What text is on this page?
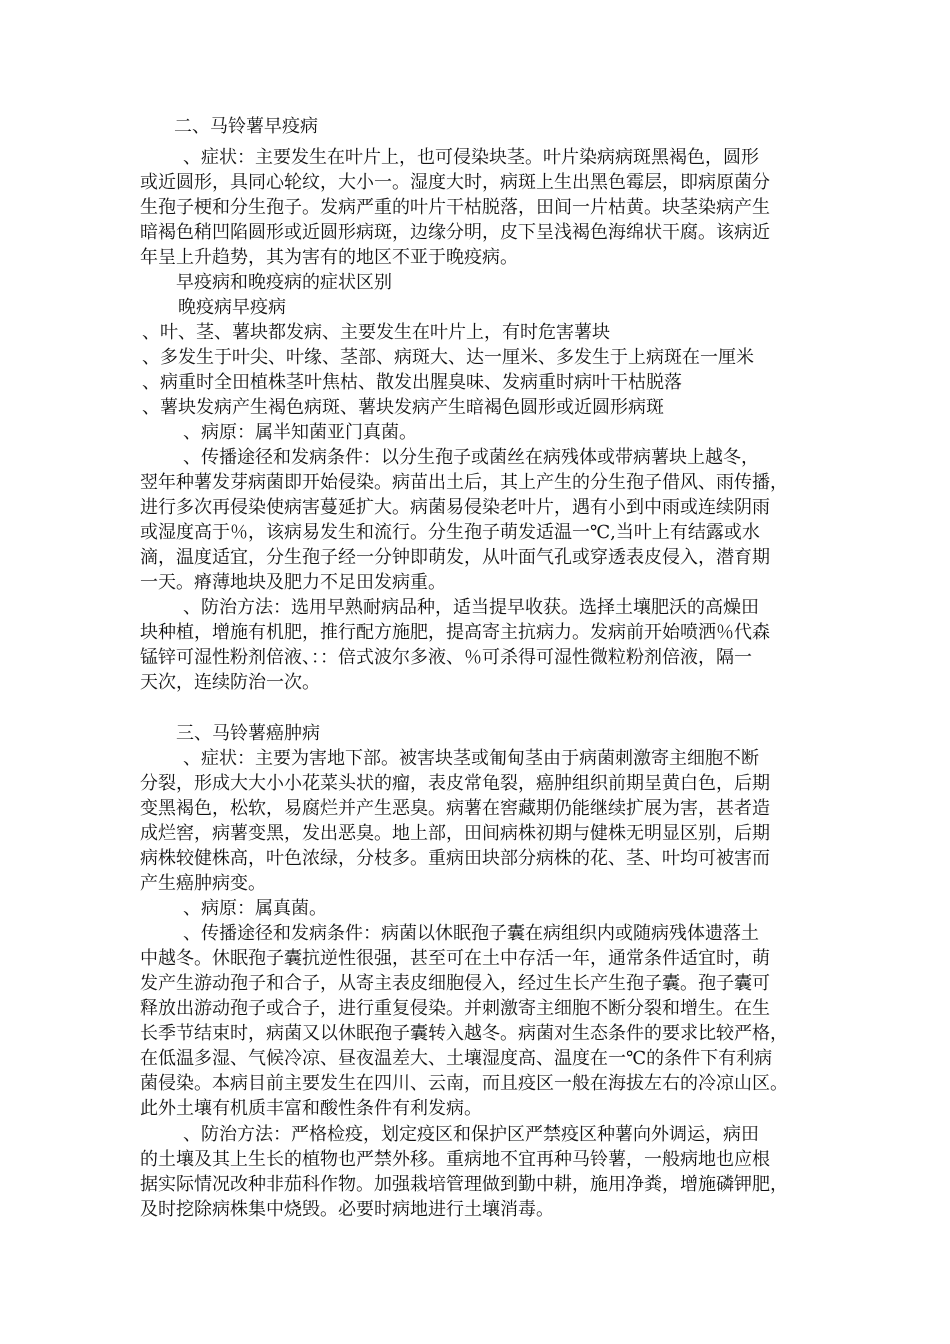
二、马铃薯早疫病
、症状：主要发生在叶片上，也可侵染块茎。叶片染病病斑黑褐色，圆形
或近圆形，具同心轮纹，大小一。湿度大时，病斑上生出黑色霉层，即病原菌分
生孢子梗和分生孢子。发病严重的叶片干枯脱落，田间一片枯黄。块茎染病产生
暗褐色稍凹陷圆形或近圆形病斑，边缘分明，皮下呈浅褐色海绵状干腐。该病近
年呈上升趋势，其为害有的地区不亚于晚疫病。
早疫病和晚疫病的症状区别
晚疫病早疫病
、叶、茎、薯块都发病、主要发生在叶片上，有时危害薯块
、多发生于叶尖、叶缘、茎部、病斑大、达一厘米、多发生于上病斑在一厘米
、病重时全田植株茎叶焦枯、散发出腥臭味、发病重时病叶干枯脱落
、薯块发病产生褐色病斑、薯块发病产生暗褐色圆形或近圆形病斑
、病原：属半知菌亚门真菌。
、传播途径和发病条件：以分生孢子或菌丝在病残体或带病薯块上越冬，
翌年种薯发芽病菌即开始侵染。病苗出土后，其上产生的分生孢子借风、雨传播，
进行多次再侵染使病害蔓延扩大。病菌易侵染老叶片，遇有小到中雨或连续阴雨
或湿度高于％，该病易发生和流行。分生孢子萌发适温一℃,当叶上有结露或水
滴，温度适宜，分生孢子经一分钟即萌发，从叶面气孔或穿透表皮侵入，潜育期
一天。瘠薄地块及肥力不足田发病重。
、防治方法：选用早熟耐病品种，适当提早收获。选择土壤肥沃的高燥田
块种植，增施有机肥，推行配方施肥，提高寄主抗病力。发病前开始喷洒％代森
锰锌可湿性粉剂倍液、：：倍式波尔多液、％可杀得可湿性微粒粉剂倍液，隔一
天次，连续防治一次。
三、马铃薯癌肿病
、症状：主要为害地下部。被害块茎或匍甸茎由于病菌刺激寄主细胞不断
分裂，形成大大小小花菜头状的瘤，表皮常龟裂，癌肿组织前期呈黄白色，后期
变黑褐色，松软，易腐烂并产生恶臭。病薯在窖藏期仍能继续扩展为害，甚者造
成烂窖，病薯变黑，发出恶臭。地上部，田间病株初期与健株无明显区别，后期
病株较健株高，叶色浓绿，分枝多。重病田块部分病株的花、茎、叶均可被害而
产生癌肿病变。
、病原：属真菌。
、传播途径和发病条件：病菌以休眠孢子囊在病组织内或随病残体遗落土
中越冬。休眠孢子囊抗逆性很强，甚至可在土中存活一年，通常条件适宜时，萌
发产生游动孢子和合子，从寄主表皮细胞侵入，经过生长产生孢子囊。孢子囊可
释放出游动孢子或合子，进行重复侵染。并刺激寄主细胞不断分裂和增生。在生
长季节结束时，病菌又以休眠孢子囊转入越冬。病菌对生态条件的要求比较严格，
在低温多湿、气候冷凉、昼夜温差大、土壤湿度高、温度在一℃的条件下有利病
菌侵染。本病目前主要发生在四川、云南，而且疫区一般在海拔左右的冷凉山区。
此外土壤有机质丰富和酸性条件有利发病。
、防治方法：严格检疫，划定疫区和保护区严禁疫区种薯向外调运，病田
的土壤及其上生长的植物也严禁外移。重病地不宜再种马铃薯，一般病地也应根
据实际情况改种非茄科作物。加强栽培管理做到勤中耕，施用净粪，增施磷钾肥，
及时挖除病株集中烧毁。必要时病地进行土壤消毒。
